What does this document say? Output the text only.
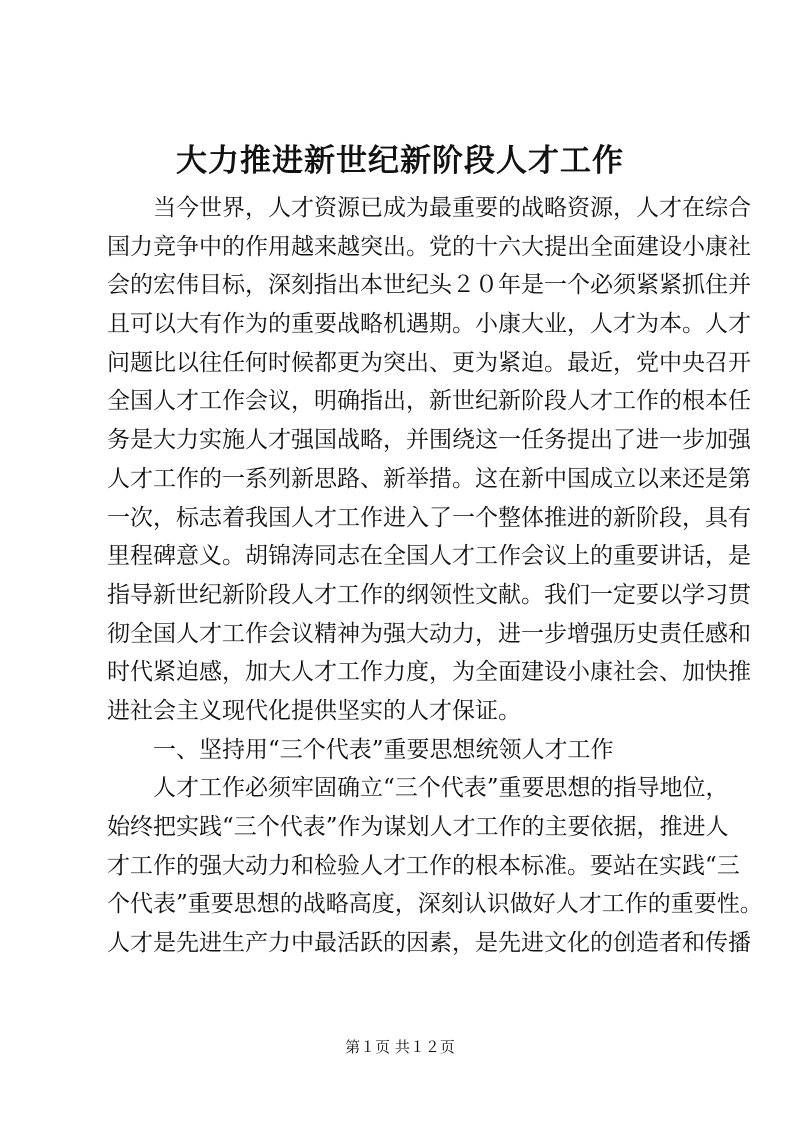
大力推进新世纪新阶段人才工作
当今世界，人才资源已成为最重要的战略资源，人才在综合
国力竞争中的作用越来越突出。党的十六大提出全面建设小康社
会的宏伟目标，深刻指出本世纪头２０年是一个必须紧紧抓住并
且可以大有作为的重要战略机遇期。小康大业，人才为本。人才
问题比以往任何时候都更为突出、更为紧迫。最近，党中央召开
全国人才工作会议，明确指出，新世纪新阶段人才工作的根本任
务是大力实施人才强国战略，并围绕这一任务提出了进一步加强
人才工作的一系列新思路、新举措。这在新中国成立以来还是第
一次，标志着我国人才工作进入了一个整体推进的新阶段，具有
里程碑意义。胡锦涛同志在全国人才工作会议上的重要讲话，是
指导新世纪新阶段人才工作的纲领性文献。我们一定要以学习贯
彻全国人才工作会议精神为强大动力，进一步增强历史责任感和
时代紧迫感，加大人才工作力度，为全面建设小康社会、加快推
进社会主义现代化提供坚实的人才保证。
一、坚持用“三个代表”重要思想统领人才工作
人才工作必须牢固确立“三个代表”重要思想的指导地位，
始终把实践“三个代表”作为谋划人才工作的主要依据，推进人
才工作的强大动力和检验人才工作的根本标准。要站在实践“三
个代表”重要思想的战略高度，深刻认识做好人才工作的重要性。
人才是先进生产力中最活跃的因素，是先进文化的创造者和传播
第１页 共１２页
